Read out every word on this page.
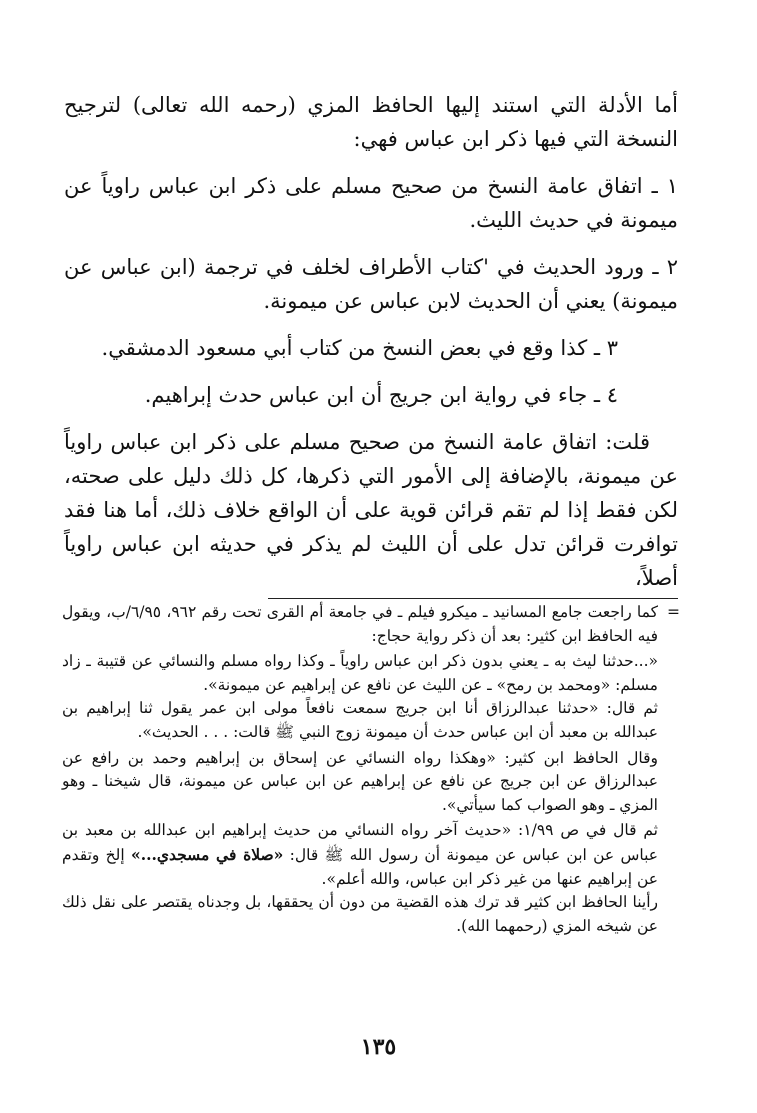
أما الأدلة التي استند إليها الحافظ المزي (رحمه الله تعالى) لترجيح النسخة التي فيها ذكر ابن عباس فهي:

١ ـ اتفاق عامة النسخ من صحيح مسلم على ذكر ابن عباس راوياً عن ميمونة في حديث الليث.

٢ ـ ورود الحديث في 'كتاب الأطراف لخلف في ترجمة (ابن عباس عن ميمونة) يعني أن الحديث لابن عباس عن ميمونة.

٣ ـ كذا وقع في بعض النسخ من كتاب أبي مسعود الدمشقي.

٤ ـ جاء في رواية ابن جريج أن ابن عباس حدث إبراهيم.

قلت: اتفاق عامة النسخ من صحيح مسلم على ذكر ابن عباس راوياً عن ميمونة، بالإضافة إلى الأمور التي ذكرها، كل ذلك دليل على صحته، لكن فقط إذا لم تقم قرائن قوية على أن الواقع خلاف ذلك، أما هنا فقد توافرت قرائن تدل على أن الليث لم يذكر في حديثه ابن عباس راوياً أصلاً،

=
كما راجعت جامع المسانيد ـ ميكرو فيلم ـ في جامعة أم القرى تحت رقم ٩٦٢، ٦/٩٥/ب، ويقول فيه الحافظ ابن كثير: بعد أن ذكر رواية حجاج:

«...حدثنا ليث به ـ يعني بدون ذكر ابن عباس راوياً ـ وكذا رواه مسلم والنسائي عن قتيبة ـ زاد مسلم: «ومحمد بن رمح» ـ عن الليث عن نافع عن إبراهيم عن ميمونة».

ثم قال: «حدثنا عبدالرزاق أنا ابن جريج سمعت نافعاً مولى ابن عمر يقول ثنا إبراهيم بن عبدالله بن معبد أن ابن عباس حدث أن ميمونة زوج النبي ﷺ قالت: . . . الحديث».

وقال الحافظ ابن كثير: «وهكذا رواه النسائي عن إسحاق بن إبراهيم وحمد بن رافع عن عبدالرزاق عن ابن جريج عن نافع عن إبراهيم عن ابن عباس عن ميمونة، قال شيخنا ـ وهو المزي ـ وهو الصواب كما سيأتي».

ثم قال في ص ١/٩٩: «حديث آخر رواه النسائي من حديث إبراهيم ابن عبدالله بن معبد بن عباس عن ابن عباس عن ميمونة أن رسول الله ﷺ قال: «صلاة في مسجدي...» إلخ وتقدم عن إبراهيم عنها من غير ذكر ابن عباس، والله أعلم».

رأينا الحافظ ابن كثير قد ترك هذه القضية من دون أن يحققها، بل وجدناه يقتصر على نقل ذلك عن شيخه المزي (رحمهما الله).

١٣٥
